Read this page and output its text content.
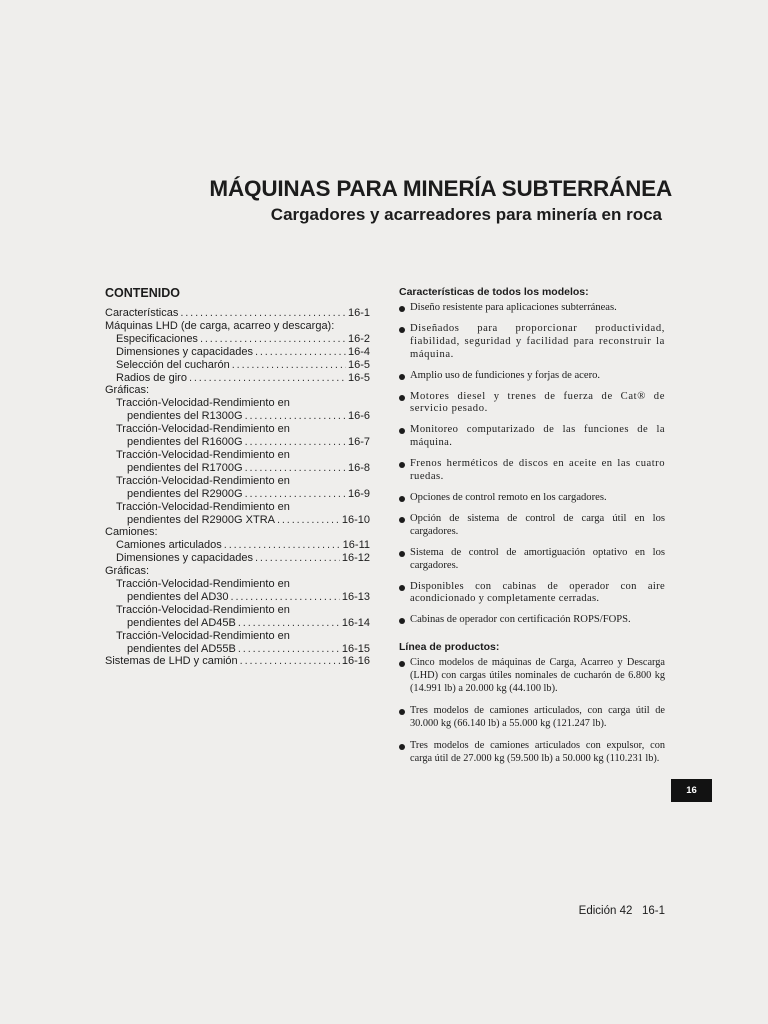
MÁQUINAS PARA MINERÍA SUBTERRÁNEA
Cargadores y acarreadores para minería en roca
CONTENIDO
Características . . .	16-1
Máquinas LHD (de carga, acarreo y descarga):
Especificaciones . . .	16-2
Dimensiones y capacidades . . .	16-4
Selección del cucharón . . .	16-5
Radios de giro . . .	16-5
Gráficas:
Tracción-Velocidad-Rendimiento en
pendientes del R1300G . . .	16-6
Tracción-Velocidad-Rendimiento en
pendientes del R1600G . . .	16-7
Tracción-Velocidad-Rendimiento en
pendientes del R1700G . . .	16-8
Tracción-Velocidad-Rendimiento en
pendientes del R2900G . . .	16-9
Tracción-Velocidad-Rendimiento en
pendientes del R2900G XTRA . . .	16-10
Camiones:
Camiones articulados . . .	16-11
Dimensiones y capacidades . . .	16-12
Gráficas:
Tracción-Velocidad-Rendimiento en
pendientes del AD30 . . .	16-13
Tracción-Velocidad-Rendimiento en
pendientes del AD45B . . .	16-14
Tracción-Velocidad-Rendimiento en
pendientes del AD55B . . .	16-15
Sistemas de LHD y camión . . .	16-16
Características de todos los modelos:
Diseño resistente para aplicaciones subterráneas.
Diseñados para proporcionar productividad, fiabilidad, seguridad y facilidad para reconstruir la máquina.
Amplio uso de fundiciones y forjas de acero.
Motores diesel y trenes de fuerza de Cat® de servicio pesado.
Monitoreo computarizado de las funciones de la máquina.
Frenos herméticos de discos en aceite en las cuatro ruedas.
Opciones de control remoto en los cargadores.
Opción de sistema de control de carga útil en los cargadores.
Sistema de control de amortiguación optativo en los cargadores.
Disponibles con cabinas de operador con aire acondicionado y completamente cerradas.
Cabinas de operador con certificación ROPS/FOPS.
Línea de productos:
Cinco modelos de máquinas de Carga, Acarreo y Descarga (LHD) con cargas útiles nominales de cucharón de 6.800 kg (14.991 lb) a 20.000 kg (44.100 lb).
Tres modelos de camiones articulados, con carga útil de 30.000 kg (66.140 lb) a 55.000 kg (121.247 lb).
Tres modelos de camiones articulados con expulsor, con carga útil de 27.000 kg (59.500 lb) a 50.000 kg (110.231 lb).
16
Edición 42 16-1
